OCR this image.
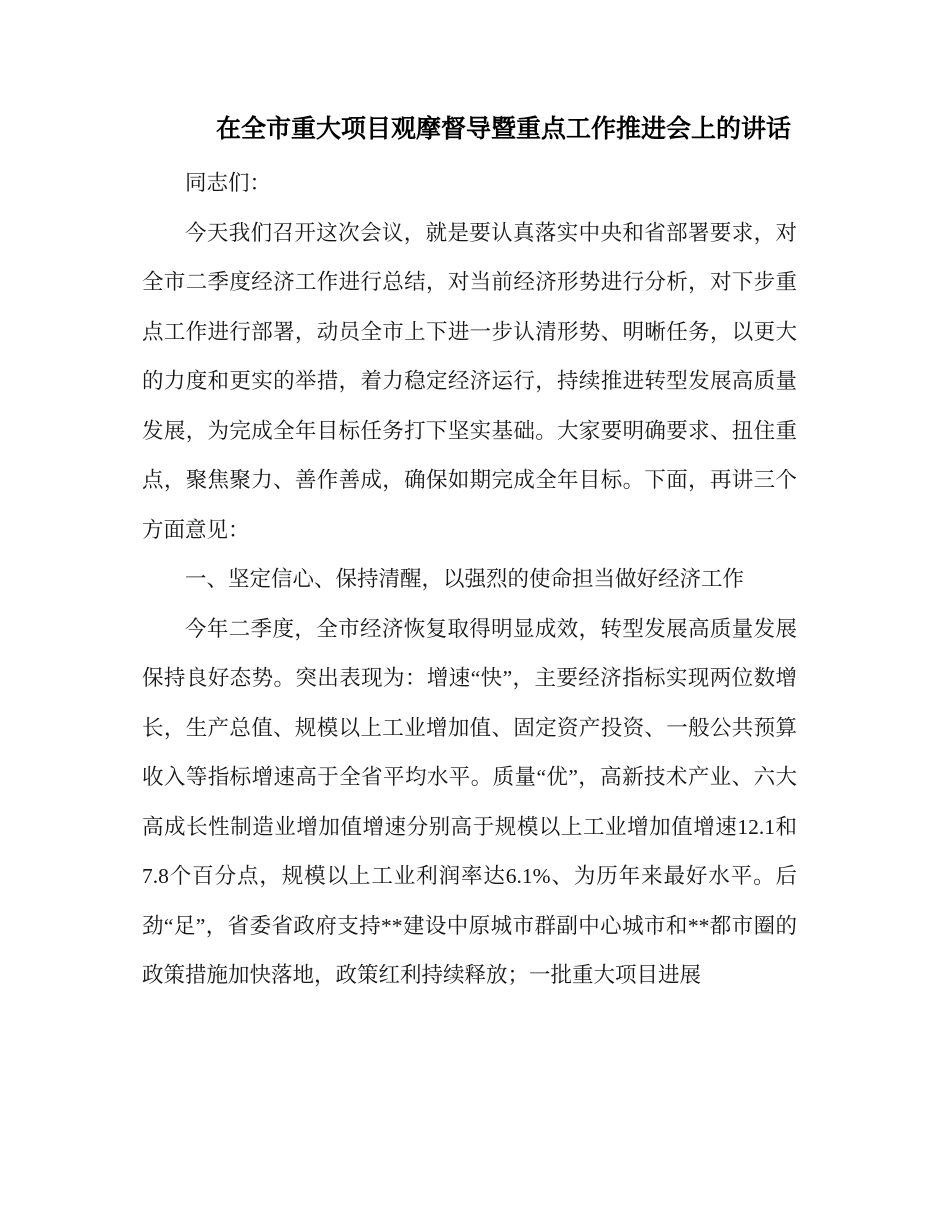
在全市重大项目观摩督导暨重点工作推进会上的讲话

同志们：

今天我们召开这次会议，就是要认真落实中央和省部署要求，对全市二季度经济工作进行总结，对当前经济形势进行分析，对下步重点工作进行部署，动员全市上下进一步认清形势、明晰任务，以更大的力度和更实的举措，着力稳定经济运行，持续推进转型发展高质量发展，为完成全年目标任务打下坚实基础。大家要明确要求、扭住重点，聚焦聚力、善作善成，确保如期完成全年目标。下面，再讲三个方面意见：

一、坚定信心、保持清醒，以强烈的使命担当做好经济工作

今年二季度，全市经济恢复取得明显成效，转型发展高质量发展保持良好态势。突出表现为：增速“快”，主要经济指标实现两位数增长，生产总值、规模以上工业增加值、固定资产投资、一般公共预算收入等指标增速高于全省平均水平。质量“优”，高新技术产业、六大高成长性制造业增加值增速分别高于规模以上工业增加值增速12.1和7.8个百分点，规模以上工业利润率达6.1%、为历年来最好水平。后劲“足”，省委省政府支持**建设中原城市群副中心城市和**都市圈的政策措施加快落地，政策红利持续释放；一批重大项目进展
